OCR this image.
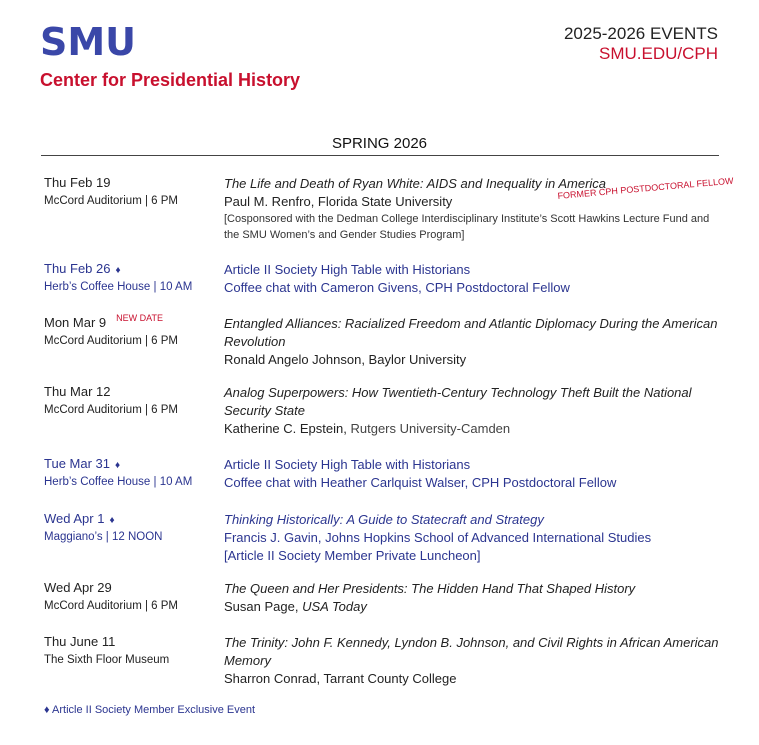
SMU
Center for Presidential History
2025-2026 EVENTS
SMU.EDU/CPH
SPRING 2026
Thu Feb 19
McCord Auditorium | 6 PM
The Life and Death of Ryan White: AIDS and Inequality in America
Paul M. Renfro, Florida State University
[Cosponsored with the Dedman College Interdisciplinary Institute’s Scott Hawkins Lecture Fund and the SMU Women’s and Gender Studies Program]
FORMER CPH POSTDOCTORAL FELLOW
Thu Feb 26 ♦
Herb’s Coffee House | 10 AM
Article II Society High Table with Historians
Coffee chat with Cameron Givens, CPH Postdoctoral Fellow
Mon Mar 9 $^{NEW DATE}$
McCord Auditorium | 6 PM
Entangled Alliances: Racialized Freedom and Atlantic Diplomacy During the American Revolution
Ronald Angelo Johnson, Baylor University
Thu Mar 12
McCord Auditorium | 6 PM
Analog Superpowers: How Twentieth-Century Technology Theft Built the National Security State
Katherine C. Epstein, Rutgers University-Camden
Tue Mar 31 ♦
Herb’s Coffee House | 10 AM
Article II Society High Table with Historians
Coffee chat with Heather Carlquist Walser, CPH Postdoctoral Fellow
Wed Apr 1 ♦
Maggiano’s | 12 NOON
Thinking Historically: A Guide to Statecraft and Strategy
Francis J. Gavin, Johns Hopkins School of Advanced International Studies
[Article II Society Member Private Luncheon]
Wed Apr 29
McCord Auditorium | 6 PM
The Queen and Her Presidents: The Hidden Hand That Shaped History
Susan Page, USA Today
Thu June 11
The Sixth Floor Museum
The Trinity: John F. Kennedy, Lyndon B. Johnson, and Civil Rights in African American Memory
Sharron Conrad, Tarrant County College
♦ Article II Society Member Exclusive Event
